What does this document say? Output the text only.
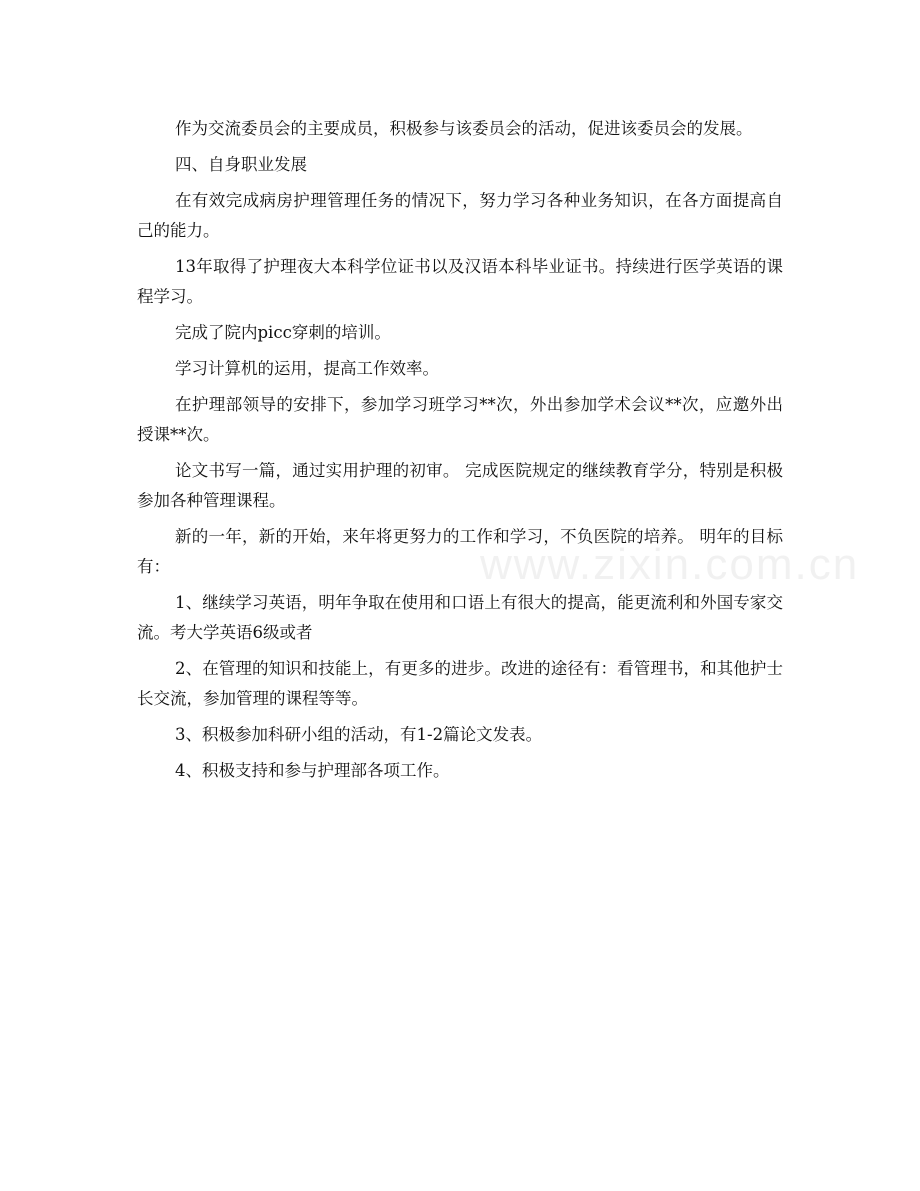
作为交流委员会的主要成员，积极参与该委员会的活动，促进该委员会的发展。

四、自身职业发展

在有效完成病房护理管理任务的情况下，努力学习各种业务知识，在各方面提高自己的能力。

13年取得了护理夜大本科学位证书以及汉语本科毕业证书。持续进行医学英语的课程学习。

完成了院内picc穿刺的培训。

学习计算机的运用，提高工作效率。

在护理部领导的安排下，参加学习班学习**次，外出参加学术会议**次，应邀外出授课**次。

论文书写一篇，通过实用护理的初审。 完成医院规定的继续教育学分，特别是积极参加各种管理课程。

新的一年，新的开始，来年将更努力的工作和学习，不负医院的培养。 明年的目标有：

1、继续学习英语，明年争取在使用和口语上有很大的提高，能更流利和外国专家交流。考大学英语6级或者

2、在管理的知识和技能上，有更多的进步。改进的途径有：看管理书，和其他护士长交流，参加管理的课程等等。

3、积极参加科研小组的活动，有1-2篇论文发表。

4、积极支持和参与护理部各项工作。

www.zixin.com.cn
